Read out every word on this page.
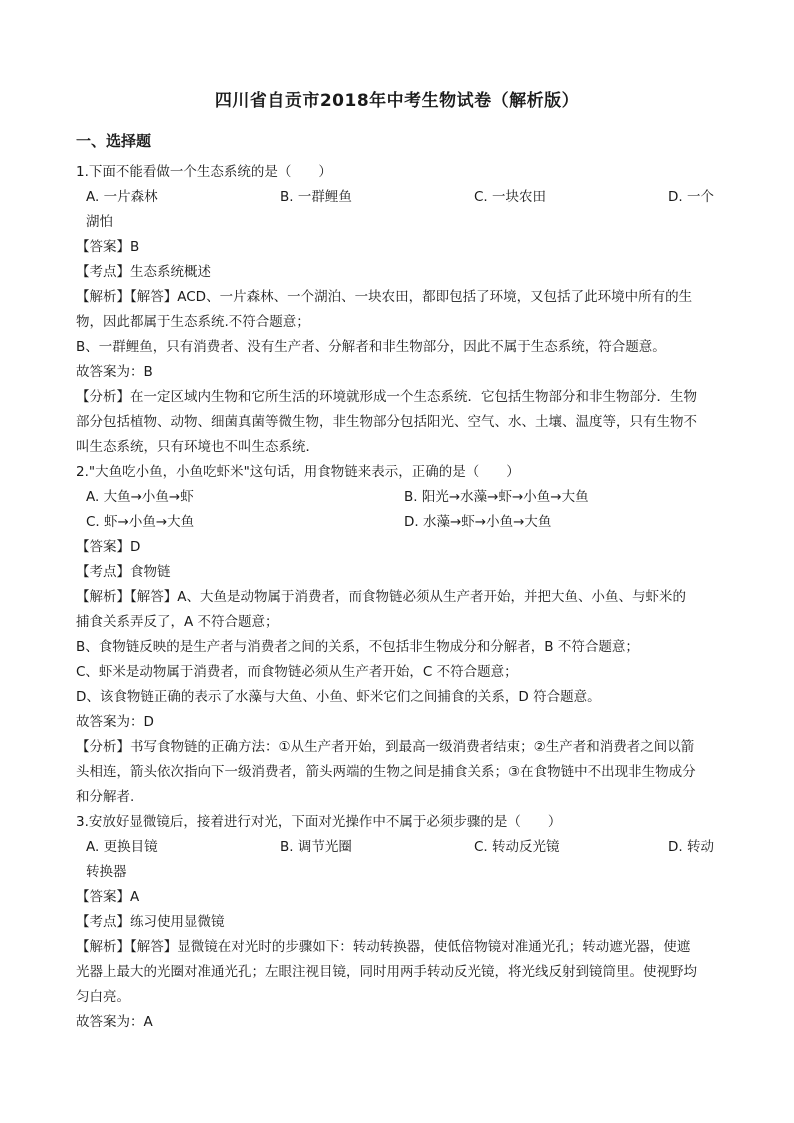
四川省自贡市2018年中考生物试卷（解析版）
一、选择题
1.下面不能看做一个生态系统的是（　　）
A. 一片森林	B. 一群鲤鱼	C. 一块农田	D. 一个
湖怕
【答案】B
【考点】生态系统概述
【解析】【解答】ACD、一片森林、一个湖泊、一块农田，都即包括了环境，又包括了此环境中所有的生
物，因此都属于生态系统.不符合题意；
B、一群鲤鱼，只有消费者、没有生产者、分解者和非生物部分，因此不属于生态系统，符合题意。
故答案为：B
【分析】在一定区域内生物和它所生活的环境就形成一个生态系统．它包括生物部分和非生物部分．生物
部分包括植物、动物、细菌真菌等微生物，非生物部分包括阳光、空气、水、土壤、温度等，只有生物不
叫生态系统，只有环境也不叫生态系统．
2."大鱼吃小鱼，小鱼吃虾米"这句话，用食物链来表示，正确的是（　　）
A. 大鱼→小鱼→虾	B. 阳光→水藻→虾→小鱼→大鱼
C. 虾→小鱼→大鱼	D. 水藻→虾→小鱼→大鱼
【答案】D
【考点】食物链
【解析】【解答】A、大鱼是动物属于消费者，而食物链必须从生产者开始，并把大鱼、小鱼、与虾米的
捕食关系弄反了，A 不符合题意；
B、食物链反映的是生产者与消费者之间的关系，不包括非生物成分和分解者，B 不符合题意；
C、虾米是动物属于消费者，而食物链必须从生产者开始，C 不符合题意；
D、该食物链正确的表示了水藻与大鱼、小鱼、虾米它们之间捕食的关系，D 符合题意。
故答案为：D
【分析】书写食物链的正确方法：①从生产者开始，到最高一级消费者结束；②生产者和消费者之间以箭
头相连，箭头依次指向下一级消费者，箭头两端的生物之间是捕食关系；③在食物链中不出现非生物成分
和分解者.
3.安放好显微镜后，接着进行对光，下面对光操作中不属于必须步骤的是（　　）
A. 更换目镜	B. 调节光圈	C. 转动反光镜	D. 转动
转换器
【答案】A
【考点】练习使用显微镜
【解析】【解答】显微镜在对光时的步骤如下：转动转换器，使低倍物镜对准通光孔；转动遮光器，使遮
光器上最大的光圈对准通光孔；左眼注视目镜，同时用两手转动反光镜，将光线反射到镜筒里。使视野均
匀白亮。
故答案为：A
